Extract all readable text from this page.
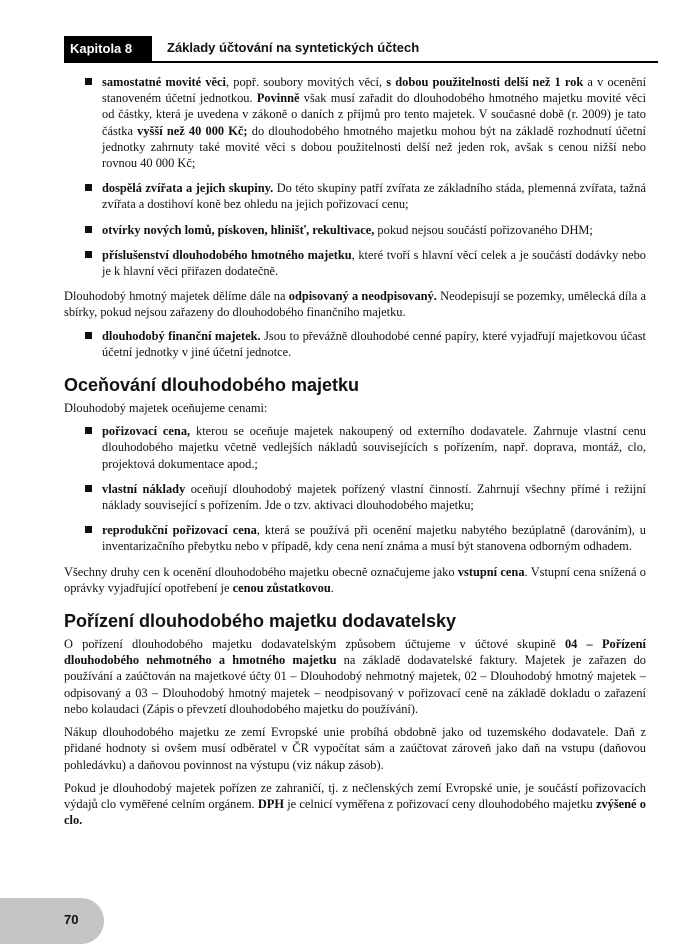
Kapitola 8	Základy účtování na syntetických účtech
samostatné movité věci, popř. soubory movitých věcí, s dobou použitelnosti delší než 1 rok a v ocenění stanoveném účetní jednotkou. Povinně však musí zařadit do dlouhodobého hmotného majetku movité věci od částky, která je uvedena v zákoně o daních z příjmů pro tento majetek. V současné době (r. 2009) je tato částka vyšší než 40 000 Kč; do dlouhodobého hmotného majetku mohou být na základě rozhodnutí účetní jednotky zahrnuty také movité věci s dobou použitelnosti delší než jeden rok, avšak s cenou nižší nebo rovnou 40 000 Kč;
dospělá zvířata a jejich skupiny. Do této skupiny patří zvířata ze základního stáda, plemenná zvířata, tažná zvířata a dostihoví koně bez ohledu na jejich pořizovací cenu;
otvírky nových lomů, pískoven, hlinišť, rekultivace, pokud nejsou součástí pořizovaného DHM;
příslušenství dlouhodobého hmotného majetku, které tvoří s hlavní věcí celek a je součástí dodávky nebo je k hlavní věci přiřazen dodatečně.

Dlouhodobý hmotný majetek dělíme dále na odpisovaný a neodpisovaný. Neodepisují se pozemky, umělecká díla a sbírky, pokud nejsou zařazeny do dlouhodobého finančního majetku.

dlouhodobý finanční majetek. Jsou to převážně dlouhodobé cenné papíry, které vyjadřují majetkovou účast účetní jednotky v jiné účetní jednotce.
Oceňování dlouhodobého majetku

Dlouhodobý majetek oceňujeme cenami:

pořizovací cena, kterou se oceňuje majetek nakoupený od externího dodavatele. Zahrnuje vlastní cenu dlouhodobého majetku včetně vedlejších nákladů souvisejících s pořízením, např. doprava, montáž, clo, projektová dokumentace apod.;
vlastní náklady oceňují dlouhodobý majetek pořízený vlastní činností. Zahrnují všechny přímé i režijní náklady související s pořízením. Jde o tzv. aktivaci dlouhodobého majetku;
reprodukční pořizovací cena, která se používá při ocenění majetku nabytého bezúplatně (darováním), u inventarizačního přebytku nebo v případě, kdy cena není známa a musí být stanovena odborným odhadem.

Všechny druhy cen k ocenění dlouhodobého majetku obecně označujeme jako vstupní cena. Vstupní cena snížená o oprávky vyjadřující opotřebení je cenou zůstatkovou.

Pořízení dlouhodobého majetku dodavatelsky

O pořízení dlouhodobého majetku dodavatelským způsobem účtujeme v účtové skupině 04 – Pořízení dlouhodobého nehmotného a hmotného majetku na základě dodavatelské faktury. Majetek je zařazen do používání a zaúčtován na majetkové účty 01 – Dlouhodobý nehmotný majetek, 02 – Dlouhodobý hmotný majetek – odpisovaný a 03 – Dlouhodobý hmotný majetek – neodpisovaný v pořizovací ceně na základě dokladu o zařazení nebo kolaudaci (Zápis o převzetí dlouhodobého majetku do používání).

Nákup dlouhodobého majetku ze zemí Evropské unie probíhá obdobně jako od tuzemského dodavatele. Daň z přidané hodnoty si ovšem musí odběratel v ČR vypočítat sám a zaúčtovat zároveň jako daň na vstupu (daňovou pohledávku) a daňovou povinnost na výstupu (viz nákup zásob).

Pokud je dlouhodobý majetek pořízen ze zahraničí, tj. z nečlenských zemí Evropské unie, je součástí pořizovacích výdajů clo vyměřené celním orgánem. DPH je celnicí vyměřena z pořizovací ceny dlouhodobého majetku zvýšené o clo.

70
